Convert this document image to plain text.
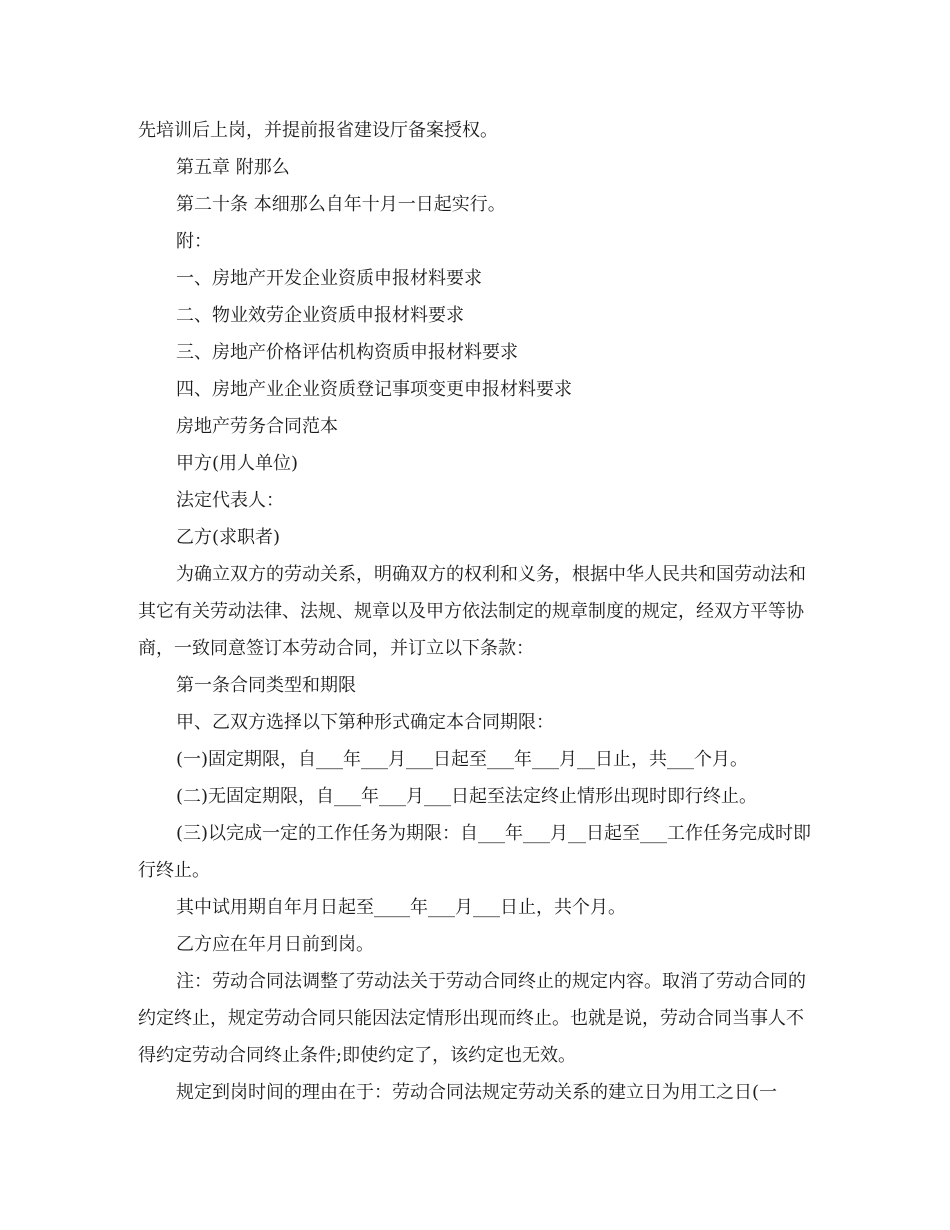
先培训后上岗，并提前报省建设厅备案授权。

第五章 附那么

第二十条 本细那么自年十月一日起实行。

附：

一、房地产开发企业资质申报材料要求

二、物业效劳企业资质申报材料要求

三、房地产价格评估机构资质申报材料要求

四、房地产业企业资质登记事项变更申报材料要求

房地产劳务合同范本

甲方(用人单位)

法定代表人：

乙方(求职者)

为确立双方的劳动关系，明确双方的权利和义务，根据中华人民共和国劳动法和其它有关劳动法律、法规、规章以及甲方依法制定的规章制度的规定，经双方平等协商，一致同意签订本劳动合同，并订立以下条款：

第一条合同类型和期限

甲、乙双方选择以下第种形式确定本合同期限：

(一)固定期限，自___年___月___日起至___年___月__日止，共___个月。

(二)无固定期限，自___年___月___日起至法定终止情形出现时即行终止。

(三)以完成一定的工作任务为期限：自___年___月__日起至___工作任务完成时即行终止。

其中试用期自年月日起至____年___月___日止，共个月。

乙方应在年月日前到岗。

注：劳动合同法调整了劳动法关于劳动合同终止的规定内容。取消了劳动合同的约定终止，规定劳动合同只能因法定情形出现而终止。也就是说，劳动合同当事人不得约定劳动合同终止条件;即使约定了，该约定也无效。

规定到岗时间的理由在于：劳动合同法规定劳动关系的建立日为用工之日(一
